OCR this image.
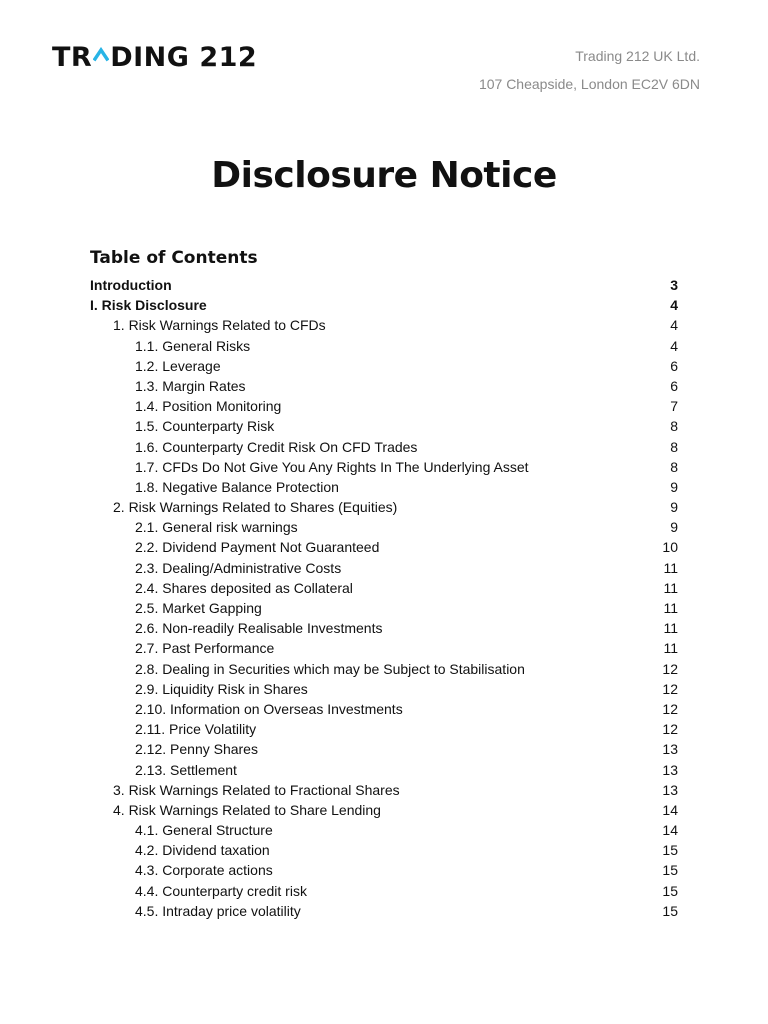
TR DING 212	Trading 212 UK Ltd.
107 Cheapside, London EC2V 6DN
Disclosure Notice
Table of Contents
Introduction	3
I. Risk Disclosure	4
1. Risk Warnings Related to CFDs	4
1.1. General Risks	4
1.2. Leverage	6
1.3. Margin Rates	6
1.4. Position Monitoring	7
1.5. Counterparty Risk	8
1.6. Counterparty Credit Risk On CFD Trades	8
1.7. CFDs Do Not Give You Any Rights In The Underlying Asset	8
1.8. Negative Balance Protection	9
2. Risk Warnings Related to Shares (Equities)	9
2.1. General risk warnings	9
2.2. Dividend Payment Not Guaranteed	10
2.3. Dealing/Administrative Costs	11
2.4. Shares deposited as Collateral	11
2.5. Market Gapping	11
2.6. Non-readily Realisable Investments	11
2.7. Past Performance	11
2.8. Dealing in Securities which may be Subject to Stabilisation	12
2.9. Liquidity Risk in Shares	12
2.10. Information on Overseas Investments	12
2.11. Price Volatility	12
2.12. Penny Shares	13
2.13. Settlement	13
3. Risk Warnings Related to Fractional Shares	13
4. Risk Warnings Related to Share Lending	14
4.1. General Structure	14
4.2. Dividend taxation	15
4.3. Corporate actions	15
4.4. Counterparty credit risk	15
4.5. Intraday price volatility	15
